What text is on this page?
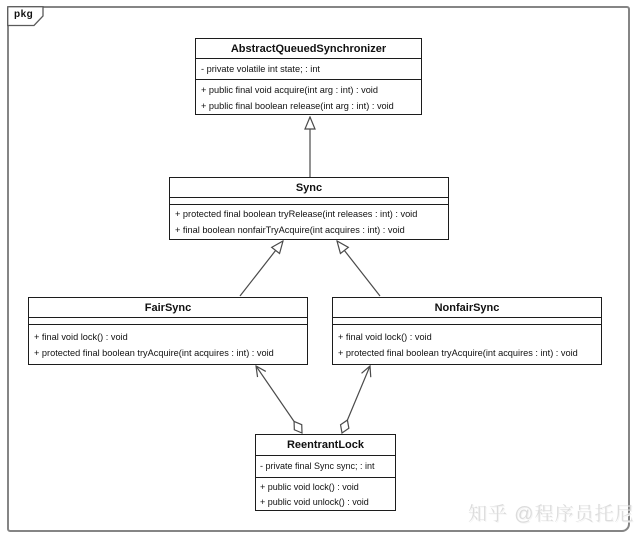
pkg
AbstractQueuedSynchronizer
- private volatile int state; : int
+ public final void acquire(int arg : int) : void
+ public final boolean release(int arg : int) : void
Sync
+ protected final boolean tryRelease(int releases : int) : void
+ final boolean nonfairTryAcquire(int acquires : int) : void
FairSync
+ final void lock() : void
+ protected final boolean tryAcquire(int acquires : int) : void
NonfairSync
+ final void lock() : void
+ protected final boolean tryAcquire(int acquires : int) : void
ReentrantLock
- private final Sync sync; : int
+ public void lock() : void
+ public void unlock() : void
知乎 @程序员托尼
